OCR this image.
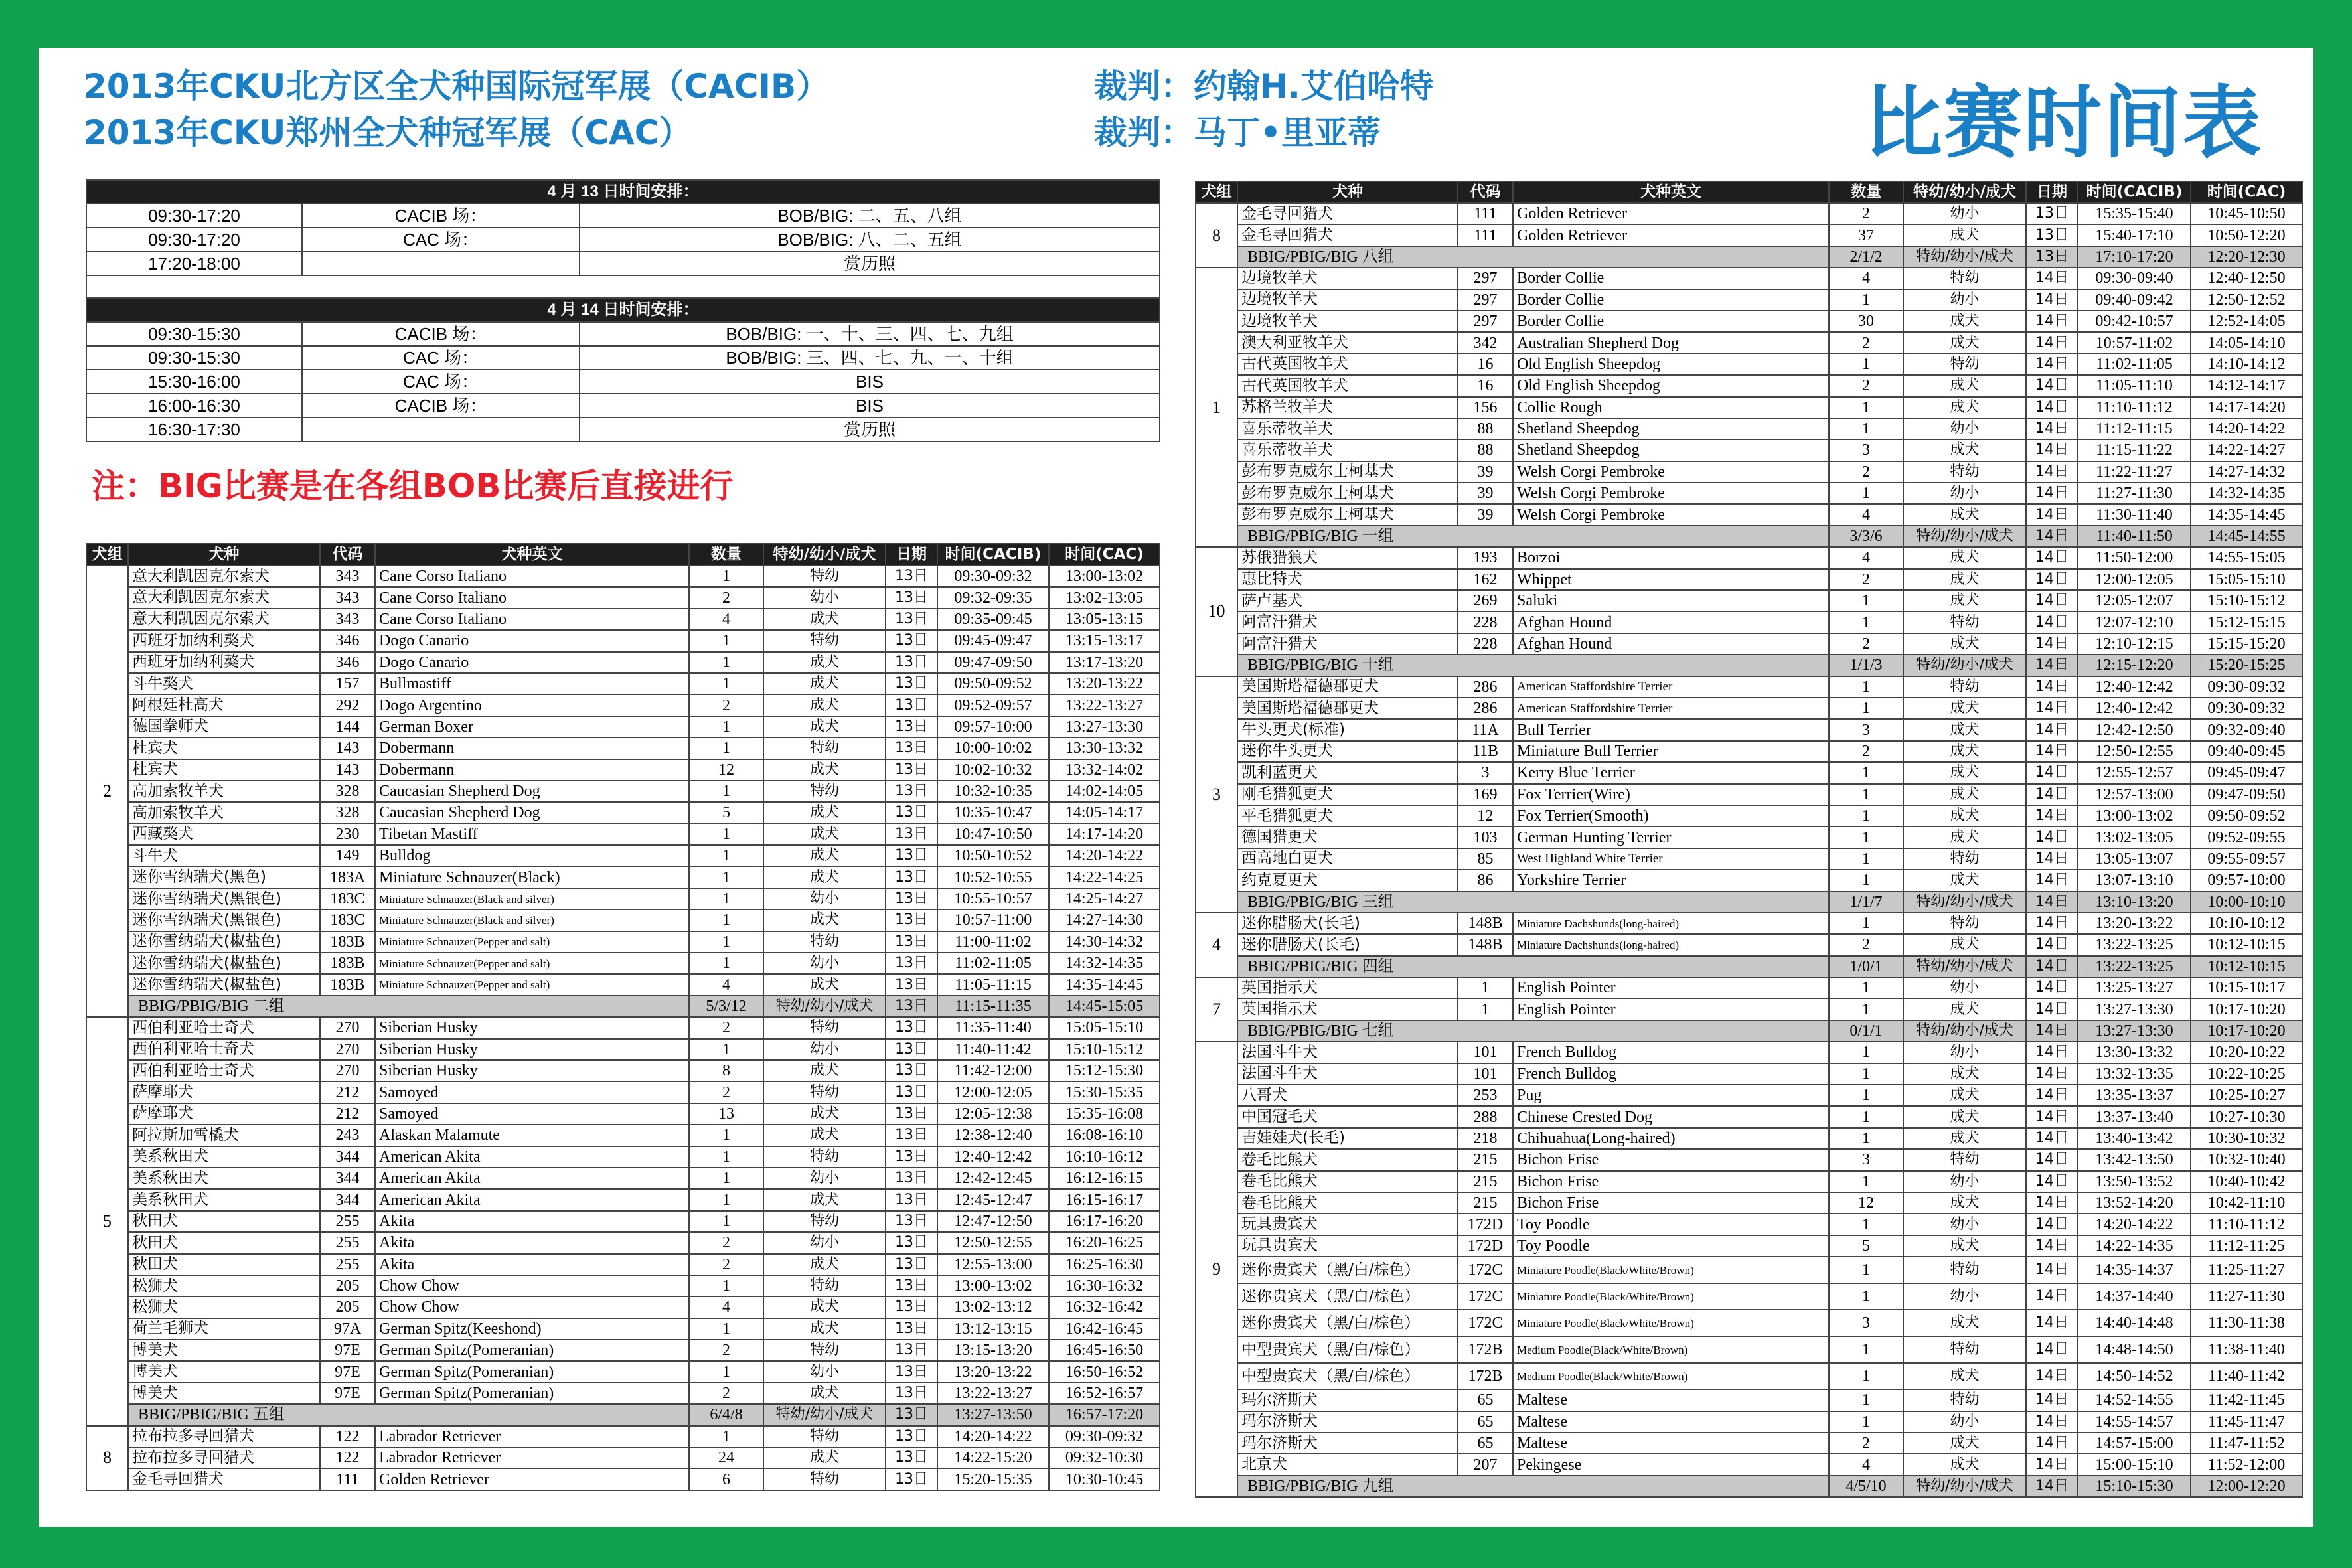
2013年CKU北方区全犬种国际冠军展（CACIB）
2013年CKU郑州全犬种冠军展（CAC）
裁判：约翰H.艾伯哈特
裁判：马丁•里亚蒂	比赛时间表
4 月 13 日时间安排：		
09:30-17:20	CACIB 场：	BOB/BIG: 二、五、八组
09:30-17:20	CAC 场：	BOB/BIG: 八、二、五组
17:20-18:00		赏历照

4 月 14 日时间安排：		
09:30-15:30	CACIB 场：	BOB/BIG: 一、十、三、四、七、九组
09:30-15:30	CAC 场：	BOB/BIG: 三、四、七、九、一、十组
15:30-16:00	CAC 场：	BIS
16:00-16:30	CACIB 场：	BIS
16:30-17:30		赏历照
注：BIG比赛是在各组BOB比赛后直接进行
犬组	犬种	代码	犬种英文	数量	特幼/幼小/成犬	日期	时间(CACIB)	时间(CAC)
2	意大利凯因克尔索犬	343	Cane Corso Italiano	1	特幼	13日	09:30-09:32	13:00-13:02
	意大利凯因克尔索犬	343	Cane Corso Italiano	2	幼小	13日	09:32-09:35	13:02-13:05
	意大利凯因克尔索犬	343	Cane Corso Italiano	4	成犬	13日	09:35-09:45	13:05-13:15
	西班牙加纳利獒犬	346	Dogo Canario	1	特幼	13日	09:45-09:47	13:15-13:17
	西班牙加纳利獒犬	346	Dogo Canario	1	成犬	13日	09:47-09:50	13:17-13:20
	斗牛獒犬	157	Bullmastiff	1	成犬	13日	09:50-09:52	13:20-13:22
	阿根廷杜高犬	292	Dogo Argentino	2	成犬	13日	09:52-09:57	13:22-13:27
	德国拳师犬	144	German Boxer	1	成犬	13日	09:57-10:00	13:27-13:30
	杜宾犬	143	Dobermann	1	特幼	13日	10:00-10:02	13:30-13:32
	杜宾犬	143	Dobermann	12	成犬	13日	10:02-10:32	13:32-14:02
	高加索牧羊犬	328	Caucasian Shepherd Dog	1	特幼	13日	10:32-10:35	14:02-14:05
	高加索牧羊犬	328	Caucasian Shepherd Dog	5	成犬	13日	10:35-10:47	14:05-14:17
	西藏獒犬	230	Tibetan Mastiff	1	成犬	13日	10:47-10:50	14:17-14:20
	斗牛犬	149	Bulldog	1	成犬	13日	10:50-10:52	14:20-14:22
	迷你雪纳瑞犬(黑色)	183A	Miniature Schnauzer(Black)	1	成犬	13日	10:52-10:55	14:22-14:25
	迷你雪纳瑞犬(黑银色)	183C	Miniature Schnauzer(Black and silver)	1	幼小	13日	10:55-10:57	14:25-14:27
	迷你雪纳瑞犬(黑银色)	183C	Miniature Schnauzer(Black and silver)	1	成犬	13日	10:57-11:00	14:27-14:30
	迷你雪纳瑞犬(椒盐色)	183B	Miniature Schnauzer(Pepper and salt)	1	特幼	13日	11:00-11:02	14:30-14:32
	迷你雪纳瑞犬(椒盐色)	183B	Miniature Schnauzer(Pepper and salt)	1	幼小	13日	11:02-11:05	14:32-14:35
	迷你雪纳瑞犬(椒盐色)	183B	Miniature Schnauzer(Pepper and salt)	4	成犬	13日	11:05-11:15	14:35-14:45
	BBIG/PBIG/BIG 二组			5/3/12	特幼/幼小/成犬	13日	11:15-11:35	14:45-15:05
5	西伯利亚哈士奇犬	270	Siberian Husky	2	特幼	13日	11:35-11:40	15:05-15:10
	西伯利亚哈士奇犬	270	Siberian Husky	1	幼小	13日	11:40-11:42	15:10-15:12
	西伯利亚哈士奇犬	270	Siberian Husky	8	成犬	13日	11:42-12:00	15:12-15:30
	萨摩耶犬	212	Samoyed	2	特幼	13日	12:00-12:05	15:30-15:35
	萨摩耶犬	212	Samoyed	13	成犬	13日	12:05-12:38	15:35-16:08
	阿拉斯加雪橇犬	243	Alaskan Malamute	1	成犬	13日	12:38-12:40	16:08-16:10
	美系秋田犬	344	American Akita	1	特幼	13日	12:40-12:42	16:10-16:12
	美系秋田犬	344	American Akita	1	幼小	13日	12:42-12:45	16:12-16:15
	美系秋田犬	344	American Akita	1	成犬	13日	12:45-12:47	16:15-16:17
	秋田犬	255	Akita	1	特幼	13日	12:47-12:50	16:17-16:20
	秋田犬	255	Akita	2	幼小	13日	12:50-12:55	16:20-16:25
	秋田犬	255	Akita	2	成犬	13日	12:55-13:00	16:25-16:30
	松狮犬	205	Chow Chow	1	特幼	13日	13:00-13:02	16:30-16:32
	松狮犬	205	Chow Chow	4	成犬	13日	13:02-13:12	16:32-16:42
	荷兰毛狮犬	97A	German Spitz(Keeshond)	1	成犬	13日	13:12-13:15	16:42-16:45
	博美犬	97E	German Spitz(Pomeranian)	2	特幼	13日	13:15-13:20	16:45-16:50
	博美犬	97E	German Spitz(Pomeranian)	1	幼小	13日	13:20-13:22	16:50-16:52
	博美犬	97E	German Spitz(Pomeranian)	2	成犬	13日	13:22-13:27	16:52-16:57
	BBIG/PBIG/BIG 五组			6/4/8	特幼/幼小/成犬	13日	13:27-13:50	16:57-17:20
8	拉布拉多寻回猎犬	122	Labrador Retriever	1	特幼	13日	14:20-14:22	09:30-09:32
	拉布拉多寻回猎犬	122	Labrador Retriever	24	成犬	13日	14:22-15:20	09:32-10:30
	金毛寻回猎犬	111	Golden Retriever	6	特幼	13日	15:20-15:35	10:30-10:45
犬组	犬种	代码	犬种英文	数量	特幼/幼小/成犬	日期	时间(CACIB)	时间(CAC)
8	金毛寻回猎犬	111	Golden Retriever	2	幼小	13日	15:35-15:40	10:45-10:50
	金毛寻回猎犬	111	Golden Retriever	37	成犬	13日	15:40-17:10	10:50-12:20
	BBIG/PBIG/BIG 八组			2/1/2	特幼/幼小/成犬	13日	17:10-17:20	12:20-12:30
1	边境牧羊犬	297	Border Collie	4	特幼	14日	09:30-09:40	12:40-12:50
	边境牧羊犬	297	Border Collie	1	幼小	14日	09:40-09:42	12:50-12:52
	边境牧羊犬	297	Border Collie	30	成犬	14日	09:42-10:57	12:52-14:05
	澳大利亚牧羊犬	342	Australian Shepherd Dog	2	成犬	14日	10:57-11:02	14:05-14:10
	古代英国牧羊犬	16	Old English Sheepdog	1	特幼	14日	11:02-11:05	14:10-14:12
	古代英国牧羊犬	16	Old English Sheepdog	2	成犬	14日	11:05-11:10	14:12-14:17
	苏格兰牧羊犬	156	Collie Rough	1	成犬	14日	11:10-11:12	14:17-14:20
	喜乐蒂牧羊犬	88	Shetland Sheepdog	1	幼小	14日	11:12-11:15	14:20-14:22
	喜乐蒂牧羊犬	88	Shetland Sheepdog	3	成犬	14日	11:15-11:22	14:22-14:27
	彭布罗克威尔士柯基犬	39	Welsh Corgi Pembroke	2	特幼	14日	11:22-11:27	14:27-14:32
	彭布罗克威尔士柯基犬	39	Welsh Corgi Pembroke	1	幼小	14日	11:27-11:30	14:32-14:35
	彭布罗克威尔士柯基犬	39	Welsh Corgi Pembroke	4	成犬	14日	11:30-11:40	14:35-14:45
	BBIG/PBIG/BIG 一组			3/3/6	特幼/幼小/成犬	14日	11:40-11:50	14:45-14:55
10	苏俄猎狼犬	193	Borzoi	4	成犬	14日	11:50-12:00	14:55-15:05
	惠比特犬	162	Whippet	2	成犬	14日	12:00-12:05	15:05-15:10
	萨卢基犬	269	Saluki	1	成犬	14日	12:05-12:07	15:10-15:12
	阿富汗猎犬	228	Afghan Hound	1	特幼	14日	12:07-12:10	15:12-15:15
	阿富汗猎犬	228	Afghan Hound	2	成犬	14日	12:10-12:15	15:15-15:20
	BBIG/PBIG/BIG 十组			1/1/3	特幼/幼小/成犬	14日	12:15-12:20	15:20-15:25
3	美国斯塔福德郡更犬	286	American Staffordshire Terrier	1	特幼	14日	12:40-12:42	09:30-09:32
	美国斯塔福德郡更犬	286	American Staffordshire Terrier	1	成犬	14日	12:40-12:42	09:30-09:32
	牛头更犬(标准)	11A	Bull Terrier	3	成犬	14日	12:42-12:50	09:32-09:40
	迷你牛头更犬	11B	Miniature Bull Terrier	2	成犬	14日	12:50-12:55	09:40-09:45
	凯利蓝更犬	3	Kerry Blue Terrier	1	成犬	14日	12:55-12:57	09:45-09:47
	刚毛猎狐更犬	169	Fox Terrier(Wire)	1	成犬	14日	12:57-13:00	09:47-09:50
	平毛猎狐更犬	12	Fox Terrier(Smooth)	1	成犬	14日	13:00-13:02	09:50-09:52
	德国猎更犬	103	German Hunting Terrier	1	成犬	14日	13:02-13:05	09:52-09:55
	西高地白更犬	85	West Highland White Terrier	1	特幼	14日	13:05-13:07	09:55-09:57
	约克夏更犬	86	Yorkshire Terrier	1	成犬	14日	13:07-13:10	09:57-10:00
	BBIG/PBIG/BIG 三组			1/1/7	特幼/幼小/成犬	14日	13:10-13:20	10:00-10:10
4	迷你腊肠犬(长毛)	148B	Miniature Dachshunds(long-haired)	1	特幼	14日	13:20-13:22	10:10-10:12
	迷你腊肠犬(长毛)	148B	Miniature Dachshunds(long-haired)	2	成犬	14日	13:22-13:25	10:12-10:15
	BBIG/PBIG/BIG 四组			1/0/1	特幼/幼小/成犬	14日	13:22-13:25	10:12-10:15
7	英国指示犬	1	English Pointer	1	幼小	14日	13:25-13:27	10:15-10:17
	英国指示犬	1	English Pointer	1	成犬	14日	13:27-13:30	10:17-10:20
	BBIG/PBIG/BIG 七组			0/1/1	特幼/幼小/成犬	14日	13:27-13:30	10:17-10:20
9	法国斗牛犬	101	French Bulldog	1	幼小	14日	13:30-13:32	10:20-10:22
	法国斗牛犬	101	French Bulldog	1	成犬	14日	13:32-13:35	10:22-10:25
	八哥犬	253	Pug	1	成犬	14日	13:35-13:37	10:25-10:27
	中国冠毛犬	288	Chinese Crested Dog	1	成犬	14日	13:37-13:40	10:27-10:30
	吉娃娃犬(长毛)	218	Chihuahua(Long-haired)	1	成犬	14日	13:40-13:42	10:30-10:32
	卷毛比熊犬	215	Bichon Frise	3	特幼	14日	13:42-13:50	10:32-10:40
	卷毛比熊犬	215	Bichon Frise	1	幼小	14日	13:50-13:52	10:40-10:42
	卷毛比熊犬	215	Bichon Frise	12	成犬	14日	13:52-14:20	10:42-11:10
	玩具贵宾犬	172D	Toy Poodle	1	幼小	14日	14:20-14:22	11:10-11:12
	玩具贵宾犬	172D	Toy Poodle	5	成犬	14日	14:22-14:35	11:12-11:25
	迷你贵宾犬（黑/白/棕色）	172C	Miniature Poodle(Black/White/Brown)	1	特幼	14日	14:35-14:37	11:25-11:27
	迷你贵宾犬（黑/白/棕色）	172C	Miniature Poodle(Black/White/Brown)	1	幼小	14日	14:37-14:40	11:27-11:30
	迷你贵宾犬（黑/白/棕色）	172C	Miniature Poodle(Black/White/Brown)	3	成犬	14日	14:40-14:48	11:30-11:38
	中型贵宾犬（黑/白/棕色）	172B	Medium Poodle(Black/White/Brown)	1	特幼	14日	14:48-14:50	11:38-11:40
	中型贵宾犬（黑/白/棕色）	172B	Medium Poodle(Black/White/Brown)	1	成犬	14日	14:50-14:52	11:40-11:42
	玛尔济斯犬	65	Maltese	1	特幼	14日	14:52-14:55	11:42-11:45
	玛尔济斯犬	65	Maltese	1	幼小	14日	14:55-14:57	11:45-11:47
	玛尔济斯犬	65	Maltese	2	成犬	14日	14:57-15:00	11:47-11:52
	北京犬	207	Pekingese	4	成犬	14日	15:00-15:10	11:52-12:00
	BBIG/PBIG/BIG 九组			4/5/10	特幼/幼小/成犬	14日	15:10-15:30	12:00-12:20
